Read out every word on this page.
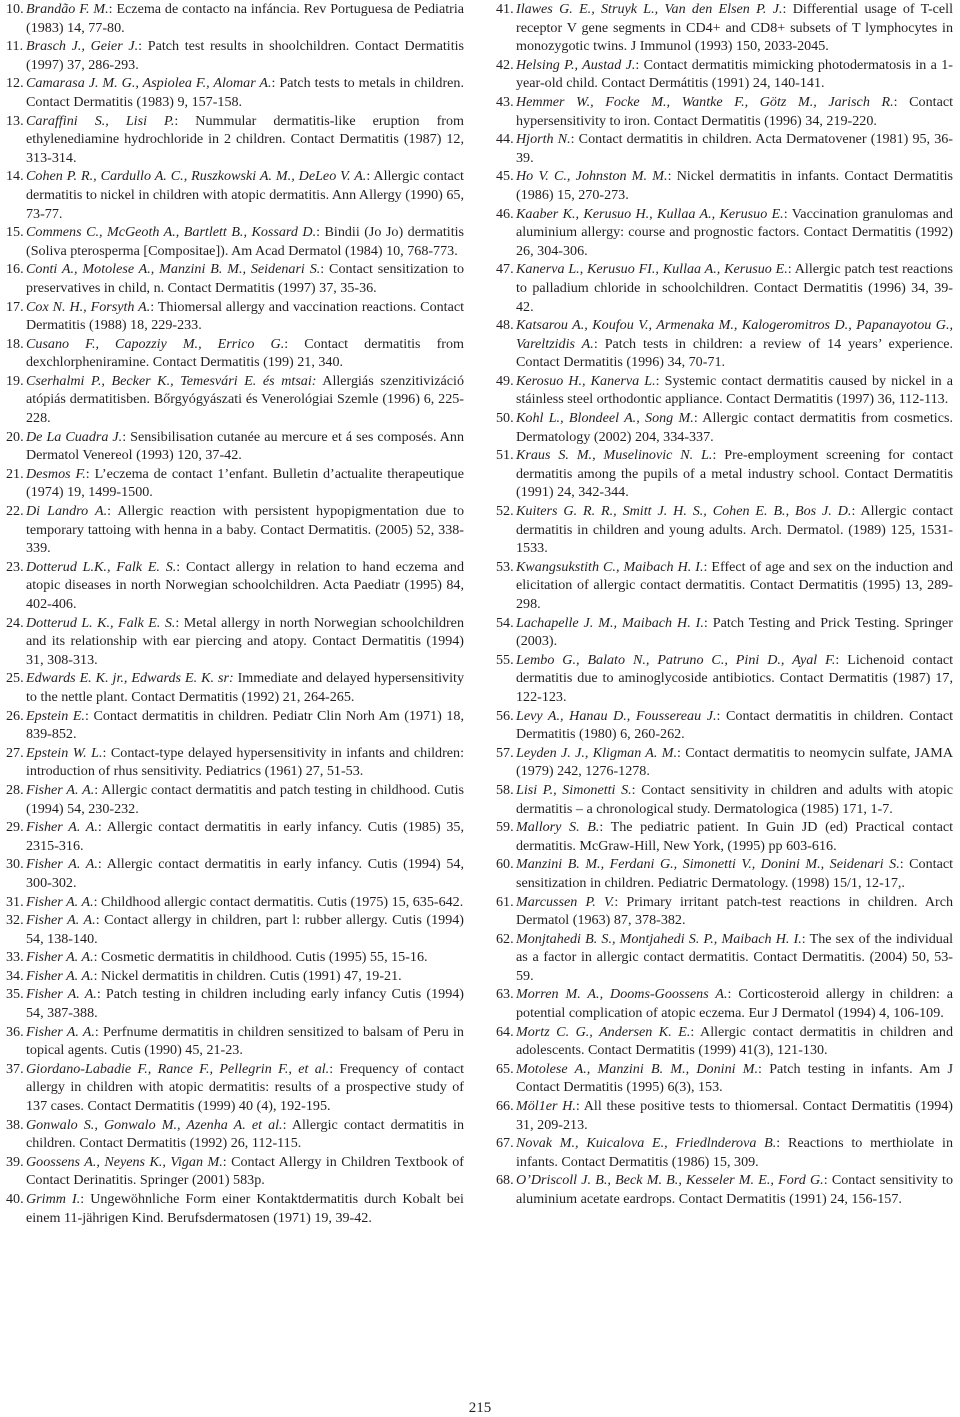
10. Brandão F. M.: Eczema de contacto na infáncia. Rev Portuguesa de Pediatria (1983) 14, 77-80.

11. Brasch J., Geier J.: Patch test results in shoolchildren. Contact Dermatitis (1997) 37, 286-293.

12. Camarasa J. M. G., Aspiolea F., Alomar A.: Patch tests to metals in children. Contact Dermatitis (1983) 9, 157-158.

13. Caraffini S., Lisi P.: Nummular dermatitis-like eruption from ethylenediamine hydrochloride in 2 children. Contact Dermatitis (1987) 12, 313-314.

14. Cohen P. R., Cardullo A. C., Ruszkowski A. M., DeLeo V. A.: Allergic contact dermatitis to nickel in children with atopic dermatitis. Ann Allergy (1990) 65, 73-77.

15. Commens C., McGeoth A., Bartlett B., Kossard D.: Bindii (Jo Jo) dermatitis (Soliva pterosperma [Compositae]). Am Acad Dermatol (1984) 10, 768-773.

16. Conti A., Motolese A., Manzini B. M., Seidenari S.: Contact sensitization to preservatives in child, n. Contact Dermatitis (1997) 37, 35-36.

17. Cox N. H., Forsyth A.: Thiomersal allergy and vaccination reactions. Contact Dermatitis (1988) 18, 229-233.

18. Cusano F., Capozziy M., Errico G.: Contact dermatitis from dexchlorpheniramine. Contact Dermatitis (199) 21, 340.

19. Cserhalmi P., Becker K., Temesvári E. és mtsai: Allergiás szenzitivizáció atópiás dermatitisben. Bőrgyógyászati és Venerológiai Szemle (1996) 6, 225-228.

20. De La Cuadra J.: Sensibilisation cutanée au mercure et á ses composés. Ann Dermatol Venereol (1993) 120, 37-42.

21. Desmos F.: L’eczema de contact 1’enfant. Bulletin d’actualite therapeutique (1974) 19, 1499-1500.

22. Di Landro A.: Allergic reaction with persistent hypopigmentation due to temporary tattoing with henna in a baby. Contact Dermatitis. (2005) 52, 338-339.

23. Dotterud L.K., Falk E. S.: Contact allergy in relation to hand eczema and atopic diseases in north Norwegian schoolchildren. Acta Paediatr (1995) 84, 402-406.

24. Dotterud L. K., Falk E. S.: Metal allergy in north Norwegian schoolchildren and its relationship with ear piercing and atopy. Contact Dermatitis (1994) 31, 308-313.

25. Edwards E. K. jr., Edwards E. K. sr: Immediate and delayed hypersensitivity to the nettle plant. Contact Dermatitis (1992) 21, 264-265.

26. Epstein E.: Contact dermatitis in children. Pediatr Clin Norh Am (1971) 18, 839-852.

27. Epstein W. L.: Contact-type delayed hypersensitivity in infants and children: introduction of rhus sensitivity. Pediatrics (1961) 27, 51-53.

28. Fisher A. A.: Allergic contact dermatitis and patch testing in childhood. Cutis (1994) 54, 230-232.

29. Fisher A. A.: Allergic contact dermatitis in early infancy. Cutis (1985) 35, 2315-316.

30. Fisher A. A.: Allergic contact dermatitis in early infancy. Cutis (1994) 54, 300-302.

31. Fisher A. A.: Childhood allergic contact dermatitis. Cutis (1975) 15, 635-642.

32. Fisher A. A.: Contact allergy in children, part l: rubber allergy. Cutis (1994) 54, 138-140.

33. Fisher A. A.: Cosmetic dermatitis in childhood. Cutis (1995) 55, 15-16.

34. Fisher A. A.: Nickel dermatitis in children. Cutis (1991) 47, 19-21.

35. Fisher A. A.: Patch testing in children including early infancy Cutis (1994) 54, 387-388.

36. Fisher A. A.: Perfnume dermatitis in children sensitized to balsam of Peru in topical agents. Cutis (1990) 45, 21-23.

37. Giordano-Labadie F., Rance F., Pellegrin F., et al.: Frequency of contact allergy in children with atopic dermatitis: results of a prospective study of 137 cases. Contact Dermatitis (1999) 40 (4), 192-195.

38. Gonwalo S., Gonwalo M., Azenha A. et al.: Allergic contact dermatitis in children. Contact Dermatitis (1992) 26, 112-115.

39. Goossens A., Neyens K., Vigan M.: Contact Allergy in Children Textbook of Contact Derinatitis. Springer (2001) 583p.

40. Grimm I.: Ungewöhnliche Form einer Kontaktdermatitis durch Kobalt bei einem 11-jährigen Kind. Berufsdermatosen (1971) 19, 39-42.

41. Ilawes G. E., Struyk L., Van den Elsen P. J.: Differential usage of T-cell receptor V gene segments in CD4+ and CD8+ subsets of T lymphocytes in monozygotic twins. J Immunol (1993) 150, 2033-2045.

42. Helsing P., Austad J.: Contact dermatitis mimicking photodermatosis in a 1-year-old child. Contact Dermátitis (1991) 24, 140-141.

43. Hemmer W., Focke M., Wantke F., Götz M., Jarisch R.: Contact hypersensitivity to iron. Contact Dermatitis (1996) 34, 219-220.

44. Hjorth N.: Contact dermatitis in children. Acta Dermatovener (1981) 95, 36-39.

45. Ho V. C., Johnston M. M.: Nickel dermatitis in infants. Contact Dermatitis (1986) 15, 270-273.

46. Kaaber K., Kerusuo H., Kullaa A., Kerusuo E.: Vaccination granulomas and aluminium allergy: course and prognostic factors. Contact Dermatitis (1992) 26, 304-306.

47. Kanerva L., Kerusuo FI., Kullaa A., Kerusuo E.: Allergic patch test reactions to palladium chloride in schoolchildren. Contact Dermatitis (1996) 34, 39-42.

48. Katsarou A., Koufou V., Armenaka M., Kalogeromitros D., Papanayotou G., Vareltzidis A.: Patch tests in children: a review of 14 years’ experience. Contact Dermatitis (1996) 34, 70-71.

49. Kerosuo H., Kanerva L.: Systemic contact dermatitis caused by nickel in a stáinless steel orthodontic appliance. Contact Dermatitis (1997) 36, 112-113.

50. Kohl L., Blondeel A., Song M.: Allergic contact dermatitis from cosmetics. Dermatology (2002) 204, 334-337.

51. Kraus S. M., Muselinovic N. L.: Pre-employment screening for contact dermatitis among the pupils of a metal industry school. Contact Dermatitis (1991) 24, 342-344.

52. Kuiters G. R. R., Smitt J. H. S., Cohen E. B., Bos J. D.: Allergic contact dermatitis in children and young adults. Arch. Dermatol. (1989) 125, 1531-1533.

53. Kwangsukstith C., Maibach H. I.: Effect of age and sex on the induction and elicitation of allergic contact dermatitis. Contact Dermatitis (1995) 13, 289-298.

54. Lachapelle J. M., Maibach H. I.: Patch Testing and Prick Testing. Springer (2003).

55. Lembo G., Balato N., Patruno C., Pini D., Ayal F.: Lichenoid contact dermatitis due to aminoglycoside antibiotics. Contact Dermatitis (1987) 17, 122-123.

56. Levy A., Hanau D., Foussereau J.: Contact dermatitis in children. Contact Dermatitis (1980) 6, 260-262.

57. Leyden J. J., Kligman A. M.: Contact dermatitis to neomycin sulfate, JAMA (1979) 242, 1276-1278.

58. Lisi P., Simonetti S.: Contact sensitivity in children and adults with atopic dermatitis – a chronological study. Dermatologica (1985) 171, 1-7.

59. Mallory S. B.: The pediatric patient. In Guin JD (ed) Practical contact dermatitis. McGraw-Hill, New York, (1995) pp 603-616.

60. Manzini B. M., Ferdani G., Simonetti V., Donini M., Seidenari S.: Contact sensitization in children. Pediatric Dermatology. (1998) 15/1, 12-17,.

61. Marcussen P. V.: Primary irritant patch-test reactions in children. Arch Dermatol (1963) 87, 378-382.

62. Monjtahedi B. S., Montjahedi S. P., Maibach H. I.: The sex of the individual as a factor in allergic contact dermatitis. Contact Dermatitis. (2004) 50, 53-59.

63. Morren M. A., Dooms-Goossens A.: Corticosteroid allergy in children: a potential complication of atopic eczema. Eur J Dermatol (1994) 4, 106-109.

64. Mortz C. G., Andersen K. E.: Allergic contact dermatitis in children and adolescents. Contact Dermatitis (1999) 41(3), 121-130.

65. Motolese A., Manzini B. M., Donini M.: Patch testing in infants. Am J Contact Dermatitis (1995) 6(3), 153.

66. Möl1er H.: All these positive tests to thiomersal. Contact Dermatitis (1994) 31, 209-213.

67. Novak M., Kuicalova E., Friedlnderova B.: Reactions to merthiolate in infants. Contact Dermatitis (1986) 15, 309.

68. O’Driscoll J. B., Beck M. B., Kesseler M. E., Ford G.: Contact sensitivity to aluminium acetate eardrops. Contact Dermatitis (1991) 24, 156-157.

215
